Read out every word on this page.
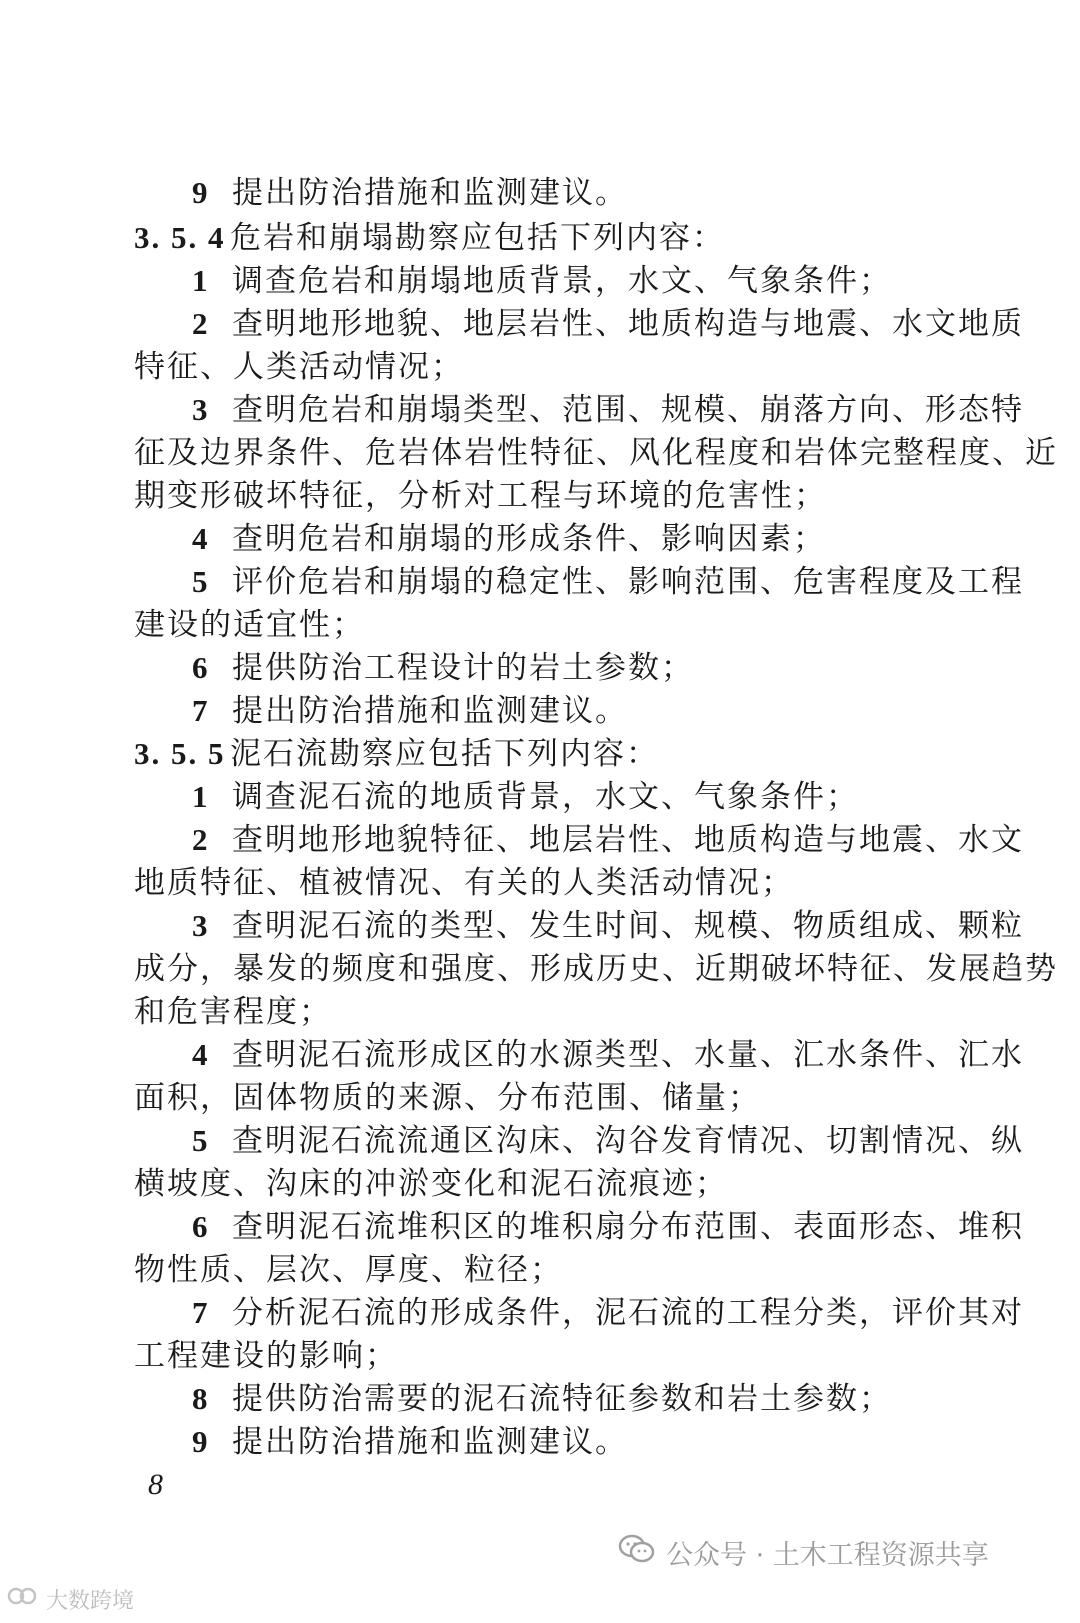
9 提出防治措施和监测建议。
3. 5. 4 危岩和崩塌勘察应包括下列内容：
1 调查危岩和崩塌地质背景，水文、气象条件；
2 查明地形地貌、地层岩性、地质构造与地震、水文地质
特征、人类活动情况；
3 查明危岩和崩塌类型、范围、规模、崩落方向、形态特
征及边界条件、危岩体岩性特征、风化程度和岩体完整程度、近
期变形破坏特征，分析对工程与环境的危害性；
4 查明危岩和崩塌的形成条件、影响因素；
5 评价危岩和崩塌的稳定性、影响范围、危害程度及工程
建设的适宜性；
6 提供防治工程设计的岩土参数；
7 提出防治措施和监测建议。
3. 5. 5 泥石流勘察应包括下列内容：
1 调查泥石流的地质背景，水文、气象条件；
2 查明地形地貌特征、地层岩性、地质构造与地震、水文
地质特征、植被情况、有关的人类活动情况；
3 查明泥石流的类型、发生时间、规模、物质组成、颗粒
成分，暴发的频度和强度、形成历史、近期破坏特征、发展趋势
和危害程度；
4 查明泥石流形成区的水源类型、水量、汇水条件、汇水
面积，固体物质的来源、分布范围、储量；
5 查明泥石流流通区沟床、沟谷发育情况、切割情况、纵
横坡度、沟床的冲淤变化和泥石流痕迹；
6 查明泥石流堆积区的堆积扇分布范围、表面形态、堆积
物性质、层次、厚度、粒径；
7 分析泥石流的形成条件，泥石流的工程分类，评价其对
工程建设的影响；
8 提供防治需要的泥石流特征参数和岩土参数；
9 提出防治措施和监测建议。
8
公众号 · 土木工程资源共享
大数跨境
